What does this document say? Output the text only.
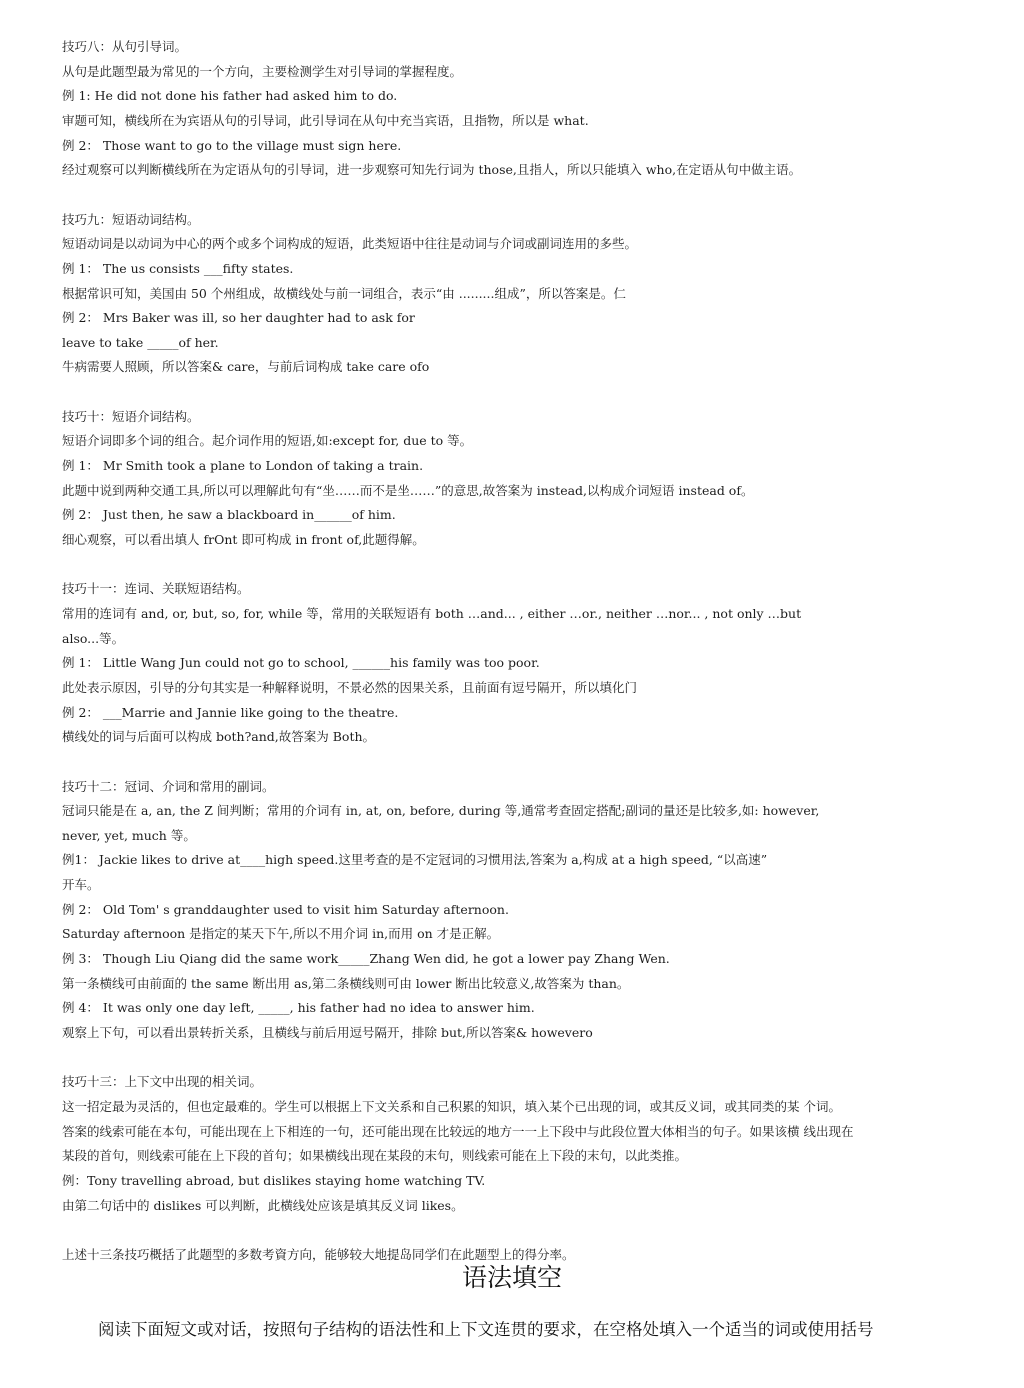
技巧八：从句引导词。
从句是此题型最为常见的一个方向，主要检测学生对引导词的掌握程度。
例 1: He did not done his father had asked him to do.
审题可知，横线所在为宾语从句的引导词，此引导词在从句中充当宾语，且指物，所以是 what.
例 2： Those want to go to the village must sign here.
经过观察可以判断横线所在为定语从句的引导词，进一步观察可知先行词为 those,且指人，所以只能填入 who,在定语从句中做主语。
技巧九：短语动词结构。
短语动词是以动词为中心的两个或多个词构成的短语，此类短语中往往是动词与介词或副词连用的多些。
例 1： The us consists ___fifty states.
根据常识可知，美国由 50 个州组成，故横线处与前一词组合，表示“由 .........组成”，所以答案是。仁
例 2： Mrs Baker was ill, so her daughter had to ask for
leave to take _____of her.
牛病需要人照顾，所以答案& care，与前后词构成 take care ofo
技巧十：短语介词结构。
短语介词即多个词的组合。起介词作用的短语,如:except for, due to 等。
例 1： Mr Smith took a plane to London of taking a train.
此题中说到两种交通工具,所以可以理解此句有“坐……而不是坐……”的意思,故答案为 instead,以构成介词短语 instead of。
例 2： Just then, he saw a blackboard in______of him.
细心观察，可以看出填人 frOnt 即可构成 in front of,此题得解。
技巧十一：连词、关联短语结构。
常用的连词有 and, or, but, so, for, while 等，常用的关联短语有 both …and... , either …or., neither …nor... , not only …but
also...等。
例 1： Little Wang Jun could not go to school, ______his family was too poor.
此处表示原因，引导的分句其实是一种解释说明，不景必然的因果关系，且前面有逗号隔开，所以填化门
例 2： ___Marrie and Jannie like going to the theatre.
横线处的词与后面可以构成 both?and,故答案为 Both。
技巧十二：冠词、介词和常用的副词。
冠词只能是在 a, an, the Z 间判断；常用的介词有 in, at, on, before, during 等,通常考查固定搭配;副词的量还是比较多,如: however,
never, yet, much 等。
例1： Jackie likes to drive at____high speed.这里考查的是不定冠词的习惯用法,答案为 a,构成 at a high speed, “以高速”
开车。
例 2： Old Tom' s granddaughter used to visit him Saturday afternoon.
Saturday afternoon 是指定的某天下午,所以不用介词 in,而用 on 才是正解。
例 3： Though Liu Qiang did the same work_____Zhang Wen did, he got a lower pay Zhang Wen.
第一条横线可由前面的 the same 断出用 as,第二条横线则可由 lower 断出比较意义,故答案为 than。
例 4： It was only one day left, _____, his father had no idea to answer him.
观察上下句，可以看出景转折关系，且横线与前后用逗号隔开，排除 but,所以答案& howevero
技巧十三：上下文中出现的相关词。
这一招定最为灵活的，但也定最难的。学生可以根据上下文关系和自己积累的知识，填入某个已出现的词，或其反义词，或其同类的某 个词。
答案的线索可能在本句，可能出现在上下相连的一句，还可能出现在比较远的地方一一上下段中与此段位置大体相当的句子。如果该横 线出现在
某段的首句，则线索可能在上下段的首句；如果横线出现在某段的末句，则线索可能在上下段的末句，以此类推。
例：Tony travelling abroad, but dislikes staying home watching TV.
由第二句话中的 dislikes 可以判断，此横线处应该是填其反义词 likes。
上述十三条技巧概括了此题型的多数考資方向，能够较大地提岛同学们在此题型上的得分率。
语法填空
阅读下面短文或对话，按照句子结构的语法性和上下文连贯的要求，在空格处填入一个适当的词或使用括号
